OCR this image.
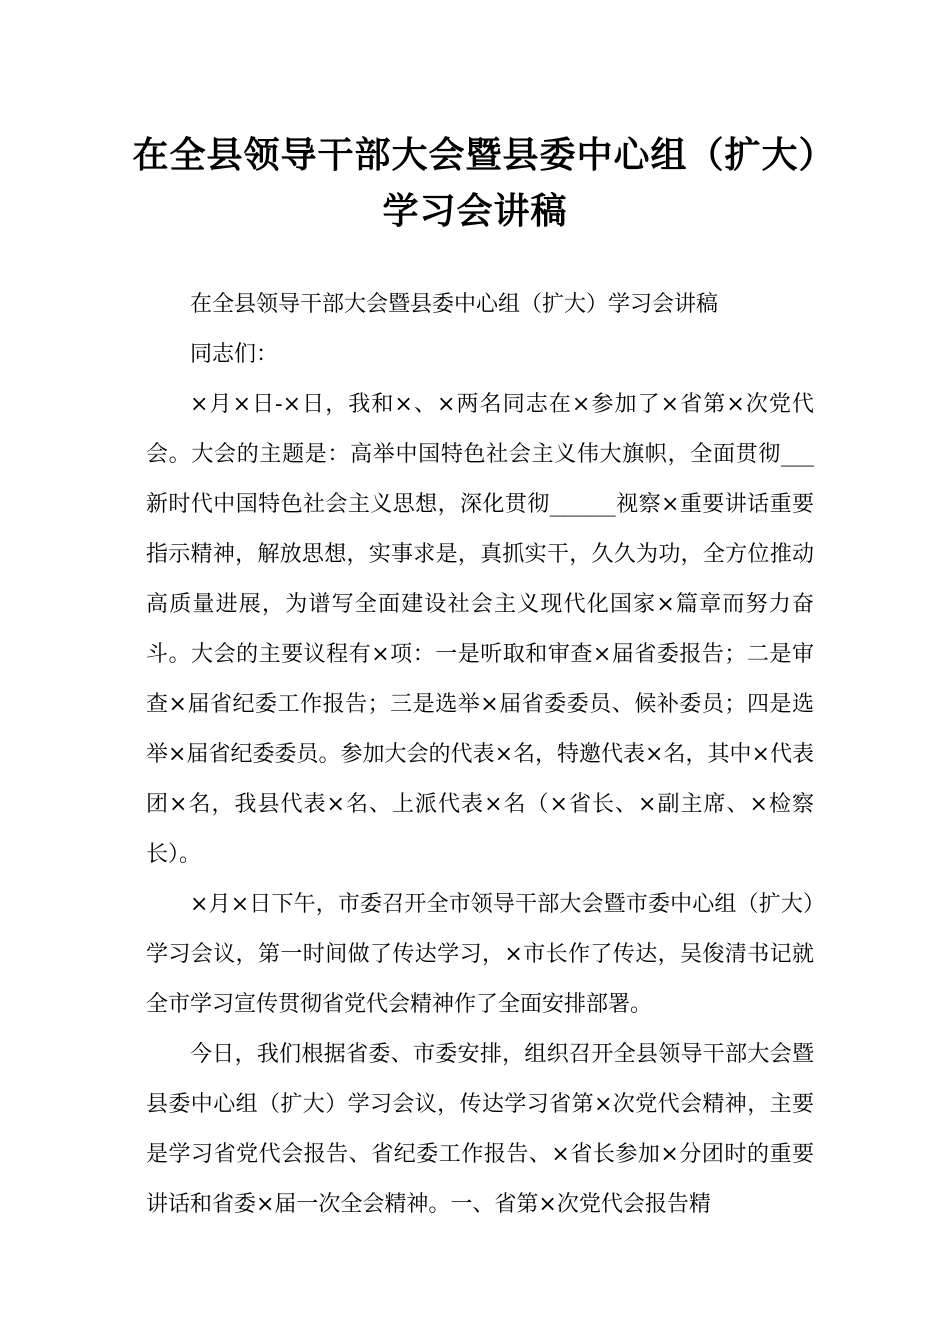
在全县领导干部大会暨县委中心组（扩大）学习会讲稿

在全县领导干部大会暨县委中心组（扩大）学习会讲稿

同志们：

×月×日-×日，我和×、×两名同志在×参加了×省第×次党代会。大会的主题是：高举中国特色社会主义伟大旗帜，全面贯彻___新时代中国特色社会主义思想，深化贯彻______视察×重要讲话重要指示精神，解放思想，实事求是，真抓实干，久久为功，全方位推动高质量进展，为谱写全面建设社会主义现代化国家×篇章而努力奋斗。大会的主要议程有×项：一是听取和审查×届省委报告；二是审查×届省纪委工作报告；三是选举×届省委委员、候补委员；四是选举×届省纪委委员。参加大会的代表×名，特邀代表×名，其中×代表团×名，我县代表×名、上派代表×名（×省长、×副主席、×检察长）。

×月×日下午，市委召开全市领导干部大会暨市委中心组（扩大）学习会议，第一时间做了传达学习，×市长作了传达，吴俊清书记就全市学习宣传贯彻省党代会精神作了全面安排部署。

今日，我们根据省委、市委安排，组织召开全县领导干部大会暨县委中心组（扩大）学习会议，传达学习省第×次党代会精神，主要是学习省党代会报告、省纪委工作报告、×省长参加×分团时的重要讲话和省委×届一次全会精神。一、省第×次党代会报告精
